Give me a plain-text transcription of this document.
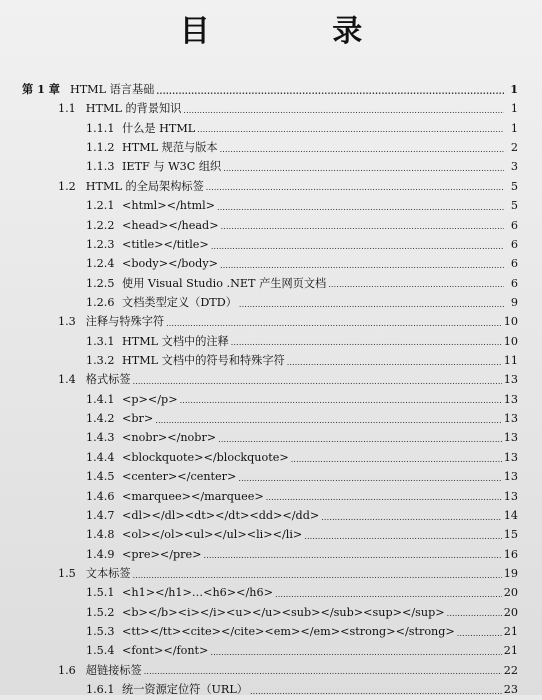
目 录
第 1 章 HTML 语言基础 . . .	1
1.1 HTML 的背景知识 . . .	1
1.1.1 什么是 HTML . . .	1
1.1.2 HTML 规范与版本 . . .	2
1.1.3 IETF 与 W3C 组织 . . .	3
1.2 HTML 的全局架构标签 . . .	5
1.2.1 <html></html> . . .	5
1.2.2 <head></head> . . .	6
1.2.3 <title></title> . . .	6
1.2.4 <body></body> . . .	6
1.2.5 使用 Visual Studio .NET 产生网页文档 . . .	6
1.2.6 文档类型定义（DTD） . . .	9
1.3 注释与特殊字符 . . .	10
1.3.1 HTML 文档中的注释 . . .	10
1.3.2 HTML 文档中的符号和特殊字符 . . .	11
1.4 格式标签 . . .	13
1.4.1 <p></p> . . .	13
1.4.2 <br> . . .	13
1.4.3 <nobr></nobr> . . .	13
1.4.4 <blockquote></blockquote> . . .	13
1.4.5 <center></center> . . .	13
1.4.6 <marquee></marquee> . . .	13
1.4.7 <dl></dl><dt></dt><dd></dd> . . .	14
1.4.8 <ol></ol><ul></ul><li></li> . . .	15
1.4.9 <pre></pre> . . .	16
1.5 文本标签 . . .	19
1.5.1 <h1></h1>…<h6></h6> . . .	20
1.5.2 <b></b><i></i><u></u><sub></sub><sup></sup> . . .	20
1.5.3 <tt></tt><cite></cite><em></em><strong></strong> . . .	21
1.5.4 <font></font> . . .	21
1.6 超链接标签 . . .	22
1.6.1 统一资源定位符（URL） . . .	23
